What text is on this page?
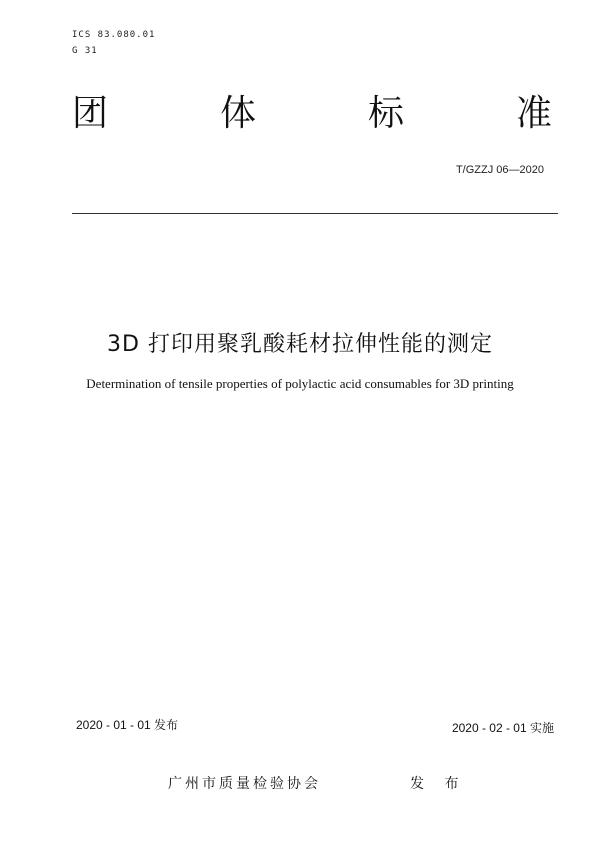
ICS 83.080.01
G 31
团	体	标	准
T/GZZJ 06—2020
3D 打印用聚乳酸耗材拉伸性能的测定
Determination of tensile properties of polylactic acid consumables for 3D printing
2020 - 01 - 01 发布	2020 - 02 - 01 实施
广州市质量检验协会	发 布
